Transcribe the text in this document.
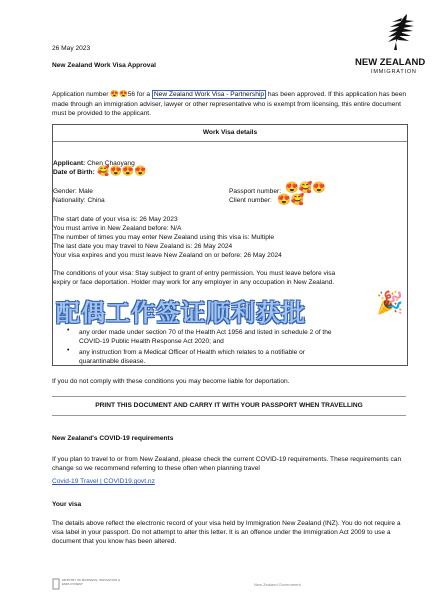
NEW ZEALAND
IMMIGRATION

26 May 2023

New Zealand Work Visa Approval

Application number 😍😍56 for a New Zealand Work Visa - Partnership has been approved. If this application has been made through an immigration adviser, lawyer or other representative who is exempt from licensing, this entire document must be provided to the applicant.

Work Visa details

Applicant: Chen Chaoyang

Date of Birth: 🥰😍😍😍

Gender: Male

Nationality: China

Passport number:

Client number:

😍🥰😍
😍🥰

The start date of your visa is: 26 May 2023

You must arrive in New Zealand before: N/A

The number of times you may enter New Zealand using this visa is: Multiple

The last date you may travel to New Zealand is: 26 May 2024

Your visa expires and you must leave New Zealand on or before: 26 May 2024

The conditions of your visa: Stay subject to grant of entry permission. You must leave before visa

expiry or face deportation. Holder may work for any employer in any occupation in New Zealand.

• any order made under section 70 of the Health Act 1956 and listed in schedule 2 of the

COVID-19 Public Health Response Act 2020; and

• any instruction from a Medical Officer of Health which relates to a notifiable or

quarantinable disease.

If you do not comply with these conditions you may become liable for deportation.

配偶工作签证顺利获批	🎉
PRINT THIS DOCUMENT AND CARRY IT WITH YOUR PASSPORT WHEN TRAVELLING

New Zealand's COVID-19 requirements

If you plan to travel to or from New Zealand, please check the current COVID-19 requirements. These requirements can change so we recommend referring to these often when planning travel

Covid-19 Travel | COVID19.govt.nz

Your visa

The details above reflect the electronic record of your visa held by Immigration New Zealand (INZ). You do not require a visa label in your passport. Do not attempt to alter this letter. It is an offence under the Immigration Act 2009 to use a document that you know has been altered.

MINISTRY OF BUSINESS, INNOVATION & EMPLOYMENT	New Zealand Government
